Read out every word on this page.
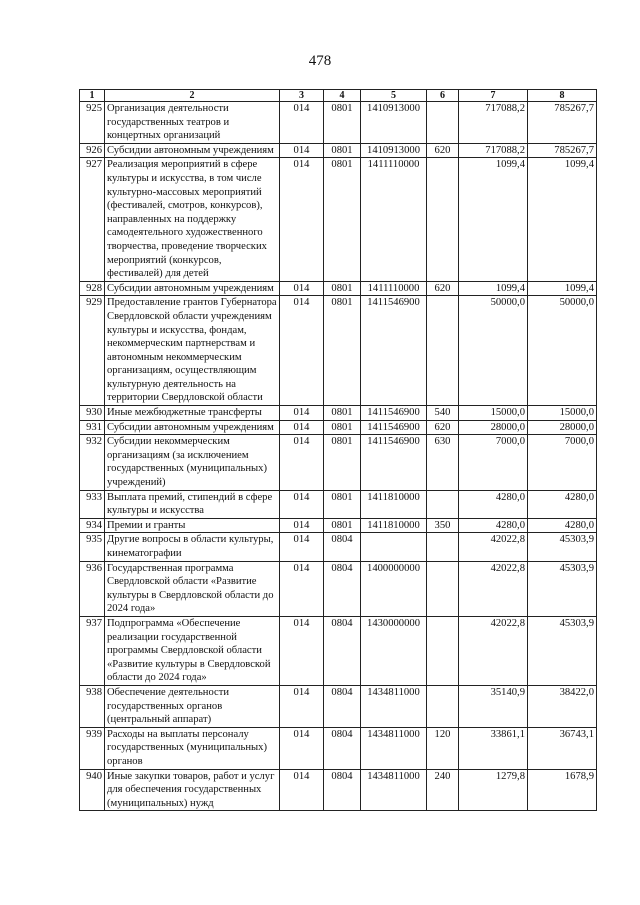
478
1	2	3	4	5	6	7	8
925	Организация деятельности государственных театров и концертных организаций	014	0801	1410913000		717088,2	785267,7
926	Субсидии автономным учреждениям	014	0801	1410913000	620	717088,2	785267,7
927	Реализация мероприятий в сфере культуры и искусства, в том числе культурно-массовых мероприятий (фестивалей, смотров, конкурсов), направленных на поддержку самодеятельного художественного творчества, проведение творческих мероприятий (конкурсов, фестивалей) для детей	014	0801	1411110000		1099,4	1099,4
928	Субсидии автономным учреждениям	014	0801	1411110000	620	1099,4	1099,4
929	Предоставление грантов Губернатора Свердловской области учреждениям культуры и искусства, фондам, некоммерческим партнерствам и автономным некоммерческим организациям, осуществляющим культурную деятельность на территории Свердловской области	014	0801	1411546900		50000,0	50000,0
930	Иные межбюджетные трансферты	014	0801	1411546900	540	15000,0	15000,0
931	Субсидии автономным учреждениям	014	0801	1411546900	620	28000,0	28000,0
932	Субсидии некоммерческим организациям (за исключением государственных (муниципальных) учреждений)	014	0801	1411546900	630	7000,0	7000,0
933	Выплата премий, стипендий в сфере культуры и искусства	014	0801	1411810000		4280,0	4280,0
934	Премии и гранты	014	0801	1411810000	350	4280,0	4280,0
935	Другие вопросы в области культуры, кинематографии	014	0804			42022,8	45303,9
936	Государственная программа Свердловской области «Развитие культуры в Свердловской области до 2024 года»	014	0804	1400000000		42022,8	45303,9
937	Подпрограмма «Обеспечение реализации государственной программы Свердловской области «Развитие культуры в Свердловской области до 2024 года»	014	0804	1430000000		42022,8	45303,9
938	Обеспечение деятельности государственных органов (центральный аппарат)	014	0804	1434811000		35140,9	38422,0
939	Расходы на выплаты персоналу государственных (муниципальных) органов	014	0804	1434811000	120	33861,1	36743,1
940	Иные закупки товаров, работ и услуг для обеспечения государственных (муниципальных) нужд	014	0804	1434811000	240	1279,8	1678,9
